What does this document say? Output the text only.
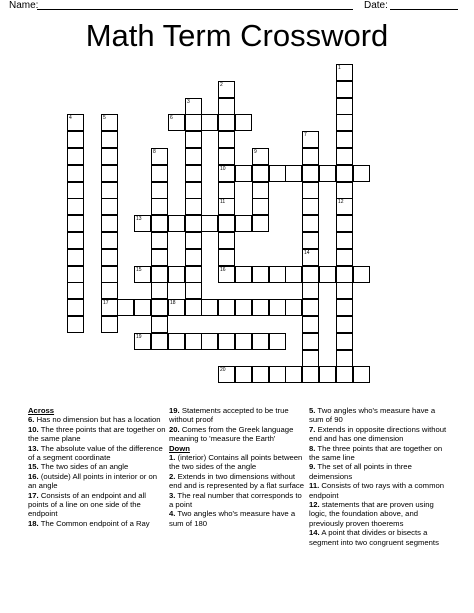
Name:	Date:
Math Term Crossword
6
10
13
15	16
17	18
19
20
1
12
2
11
3
4	5
7
14
8	9
Across
6. Has no dimension but has a location
10. The three points that are together on the same plane
13. The absolute value of the difference of a segment coordinate
15. The two sides of an angle
16. (outside) All points in interior or on an angle
17. Consists of an endpoint and all points of a line on one side of the endpoint
18. The Common endpoint of a Ray
19. Statements accepted to be true without proof
20. Comes from the Greek language meaning to 'measure the Earth'
Down
1. (interior) Contains all points between the two sides of the angle
2. Extends in two dimensions without end and is represented by a flat surface
3. The real number that corresponds to a point
4. Two angles who's measure have a sum of 180
5. Two angles who's measure have a sum of 90
7. Extends in opposite directions without end and has one dimension
8. The three points that are together on the same line
9. The set of all points in three deimensions
11. Consists of two rays with a common endpoint
12. statements that are proven using logic, the foundation above, and previously proven thoerems
14. A point that divides or bisects a segment into two congruent segments
